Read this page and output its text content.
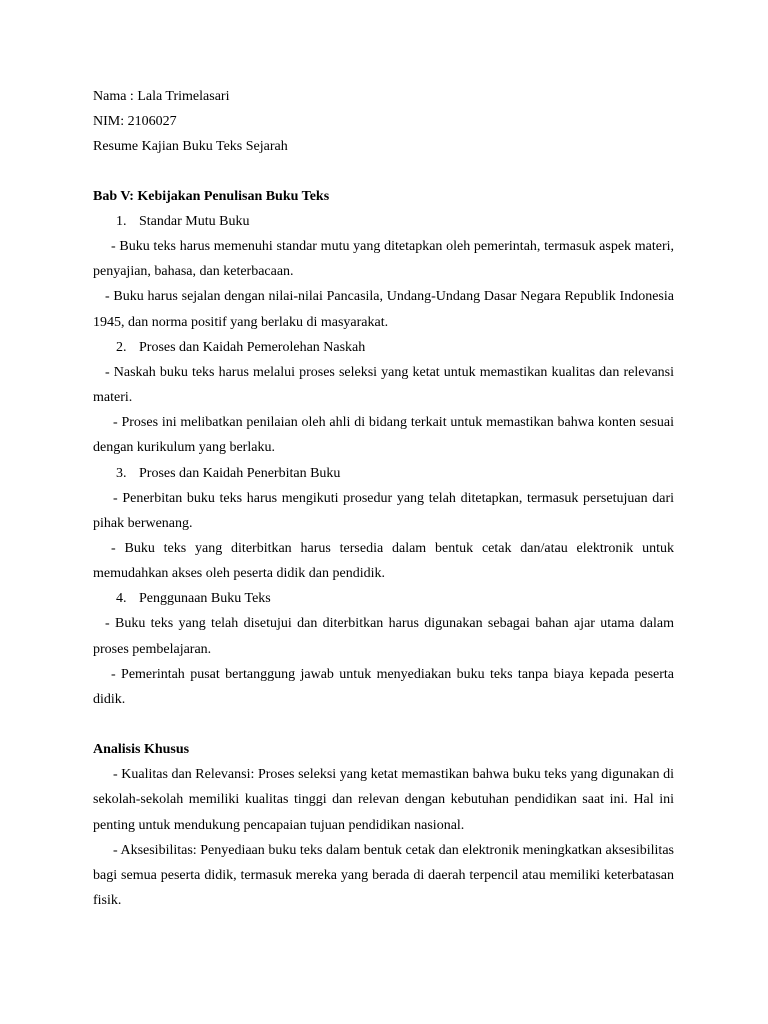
Nama : Lala Trimelasari

NIM: 2106027

Resume Kajian Buku Teks Sejarah

Bab V: Kebijakan Penulisan Buku Teks

1. Standar Mutu Buku

- Buku teks harus memenuhi standar mutu yang ditetapkan oleh pemerintah, termasuk aspek materi, penyajian, bahasa, dan keterbacaan.

- Buku harus sejalan dengan nilai-nilai Pancasila, Undang-Undang Dasar Negara Republik Indonesia 1945, dan norma positif yang berlaku di masyarakat.

2. Proses dan Kaidah Pemerolehan Naskah

- Naskah buku teks harus melalui proses seleksi yang ketat untuk memastikan kualitas dan relevansi materi.

- Proses ini melibatkan penilaian oleh ahli di bidang terkait untuk memastikan bahwa konten sesuai dengan kurikulum yang berlaku.

3. Proses dan Kaidah Penerbitan Buku

- Penerbitan buku teks harus mengikuti prosedur yang telah ditetapkan, termasuk persetujuan dari pihak berwenang.

- Buku teks yang diterbitkan harus tersedia dalam bentuk cetak dan/atau elektronik untuk memudahkan akses oleh peserta didik dan pendidik.

4. Penggunaan Buku Teks

- Buku teks yang telah disetujui dan diterbitkan harus digunakan sebagai bahan ajar utama dalam proses pembelajaran.

- Pemerintah pusat bertanggung jawab untuk menyediakan buku teks tanpa biaya kepada peserta didik.

Analisis Khusus

- Kualitas dan Relevansi: Proses seleksi yang ketat memastikan bahwa buku teks yang digunakan di sekolah-sekolah memiliki kualitas tinggi dan relevan dengan kebutuhan pendidikan saat ini. Hal ini penting untuk mendukung pencapaian tujuan pendidikan nasional.

- Aksesibilitas: Penyediaan buku teks dalam bentuk cetak dan elektronik meningkatkan aksesibilitas bagi semua peserta didik, termasuk mereka yang berada di daerah terpencil atau memiliki keterbatasan fisik.
